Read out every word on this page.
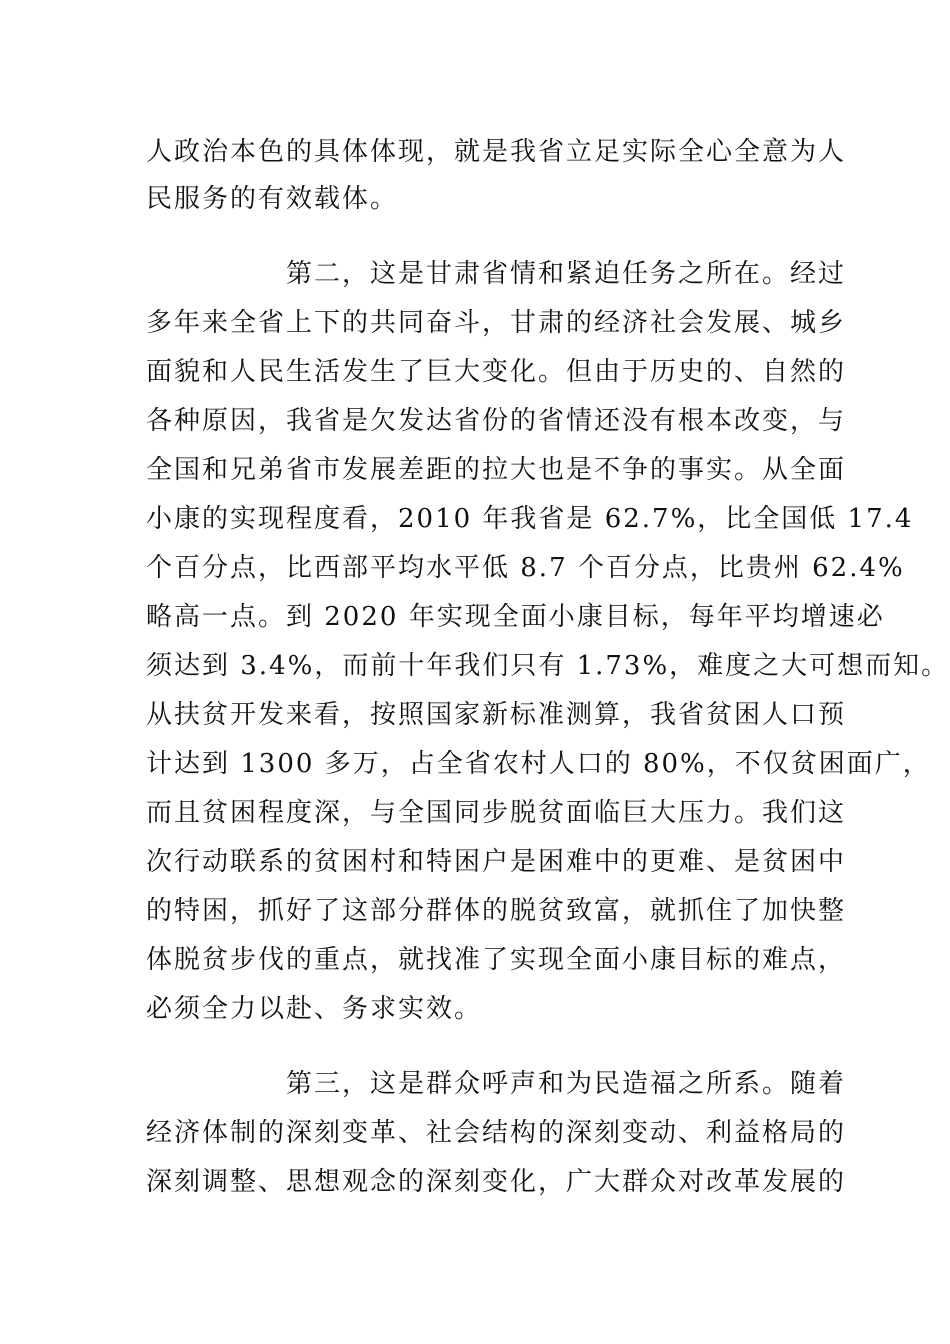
人政治本色的具体体现，就是我省立足实际全心全意为人
民服务的有效载体。
第二，这是甘肃省情和紧迫任务之所在。经过
多年来全省上下的共同奋斗，甘肃的经济社会发展、城乡
面貌和人民生活发生了巨大变化。但由于历史的、自然的
各种原因，我省是欠发达省份的省情还没有根本改变，与
全国和兄弟省市发展差距的拉大也是不争的事实。从全面
小康的实现程度看，2010 年我省是 62.7%，比全国低 17.4
个百分点，比西部平均水平低 8.7 个百分点，比贵州 62.4%
略高一点。到 2020 年实现全面小康目标，每年平均增速必
须达到 3.4%，而前十年我们只有 1.73%，难度之大可想而知。
从扶贫开发来看，按照国家新标准测算，我省贫困人口预
计达到 1300 多万，占全省农村人口的 80%，不仅贫困面广，
而且贫困程度深，与全国同步脱贫面临巨大压力。我们这
次行动联系的贫困村和特困户是困难中的更难、是贫困中
的特困，抓好了这部分群体的脱贫致富，就抓住了加快整
体脱贫步伐的重点，就找准了实现全面小康目标的难点，
必须全力以赴、务求实效。
第三，这是群众呼声和为民造福之所系。随着
经济体制的深刻变革、社会结构的深刻变动、利益格局的
深刻调整、思想观念的深刻变化，广大群众对改革发展的
